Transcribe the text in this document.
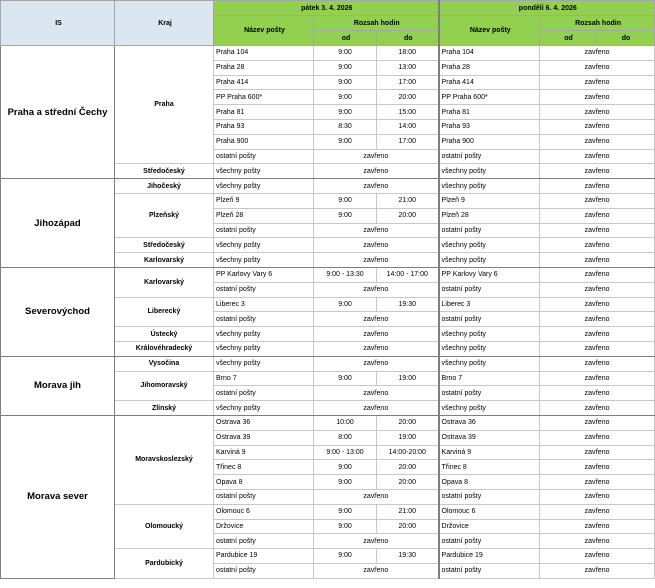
IS	Kraj	pátek 3. 4. 2026			pondělí 6. 4. 2026		
		Název pošty	Rozsah hodin		Název pošty	Rozsah hodin	
			od	do		od	do
Praha a střední Čechy	Praha	Praha 104	9:00	18:00	Praha 104	zavřeno	
		Praha 28	9:00	13:00	Praha 28	zavřeno	
		Praha 414	9:00	17:00	Praha 414	zavřeno	
		PP Praha 600*	9:00	20:00	PP Praha 600*	zavřeno	
		Praha 81	9:00	15:00	Praha 81	zavřeno	
		Praha 93	8:30	14:00	Praha 93	zavřeno	
		Praha 900	9:00	17:00	Praha 900	zavřeno	
		ostatní pošty	zavřeno		ostatní pošty	zavřeno	
	Středočeský	všechny pošty	zavřeno		všechny pošty	zavřeno	
Jihozápad	Jihočeský	všechny pošty	zavřeno		všechny pošty	zavřeno	
	Plzeňský	Plzeň 9	9:00	21:00	Plzeň 9	zavřeno	
		Plzeň 28	9:00	20:00	Plzeň 28	zavřeno	
		ostatní pošty	zavřeno		ostatní pošty	zavřeno	
	Středočeský	všechny pošty	zavřeno		všechny pošty	zavřeno	
	Karlovarský	všechny pošty	zavřeno		všechny pošty	zavřeno	
Severovýchod	Karlovarský	PP Karlovy Vary 6	9:00 - 13:30	14:00 - 17:00	PP Karlovy Vary 6	zavřeno	
		ostatní pošty	zavřeno		ostatní pošty	zavřeno	
	Liberecký	Liberec 3	9:00	19:30	Liberec 3	zavřeno	
		ostatní pošty	zavřeno		ostatní pošty	zavřeno	
	Ústecký	všechny pošty	zavřeno		všechny pošty	zavřeno	
	Královéhradecký	všechny pošty	zavřeno		všechny pošty	zavřeno	
Morava jih	Vysočina	všechny pošty	zavřeno		všechny pošty	zavřeno	
	Jihomoravský	Brno 7	9:00	19:00	Brno 7	zavřeno	
		ostatní pošty	zavřeno		ostatní pošty	zavřeno	
	Zlínský	všechny pošty	zavřeno		všechny pošty	zavřeno	
Morava sever	Moravskoslezský	Ostrava 36	10:00	20:00	Ostrava 36	zavřeno	
		Ostrava 39	8:00	19:00	Ostrava 39	zavřeno	
		Karviná 9	9:00 - 13:00	14:00-20:00	Karviná 9	zavřeno	
		Třinec 8	9:00	20:00	Třinec 8	zavřeno	
		Opava 8	9:00	20:00	Opava 8	zavřeno	
		ostatní pošty	zavřeno		ostatní pošty	zavřeno	
	Olomoucký	Olomouc 6	9:00	21:00	Olomouc 6	zavřeno	
		Držovice	9:00	20:00	Držovice	zavřeno	
		ostatní pošty	zavřeno		ostatní pošty	zavřeno	
	Pardubický	Pardubice 19	9:00	19:30	Pardubice 19	zavřeno	
		ostatní pošty	zavřeno		ostatní pošty	zavřeno	
